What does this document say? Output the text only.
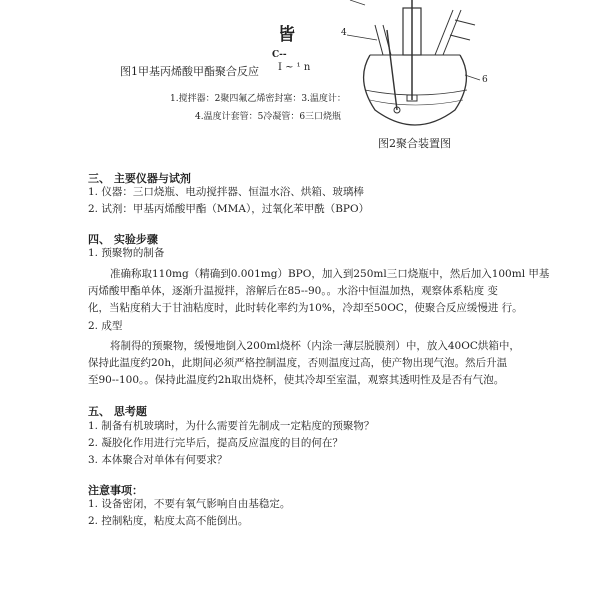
皆
C--
图1甲基丙烯酸甲酯聚合反应 I ~ ¹ n
1.搅拌器：2聚四氟乙烯密封塞：3.温度计：
4.温度计套管：5冷凝管：6三口烧瓶
4
6
图2聚合装置图
三、 主要仪器与试剂
1. 仪器：三口烧瓶、电动搅拌器、恒温水浴、烘箱、玻璃棒
2. 试剂：甲基丙烯酸甲酯（MMA），过氧化苯甲酰（BPO）
四、 实验步骤
1. 预聚物的制备
准确称取110mg（精确到0.001mg）BPO，加入到250ml三口烧瓶中，然后加入100ml 甲基
丙烯酸甲酯单体，逐渐升温搅拌，溶解后在85--90。。水浴中恒温加热，观察体系粘度 变
化，当粘度稍大于甘油粘度时，此时转化率约为10%，冷却至50OC，使聚合反应缓慢进 行。
2. 成型
将制得的预聚物，缓慢地倒入200ml烧杯（内涂一薄层脱膜剂）中，放入40OC烘箱中，
保持此温度约20h，此期间必须严格控制温度，否则温度过高，使产物出现气泡。然后升温
至90--100。。保持此温度约2h取出烧杯，使其冷却至室温，观察其透明性及是否有气泡。
五、 思考题
1. 制备有机玻璃时，为什么需要首先制成一定粘度的预聚物？
2. 凝胶化作用进行完毕后，提高反应温度的目的何在？
3. 本体聚合对单体有何要求？
注意事项：
1. 设备密闭，不要有氧气影响自由基稳定。
2. 控制粘度，粘度太高不能倒出。
